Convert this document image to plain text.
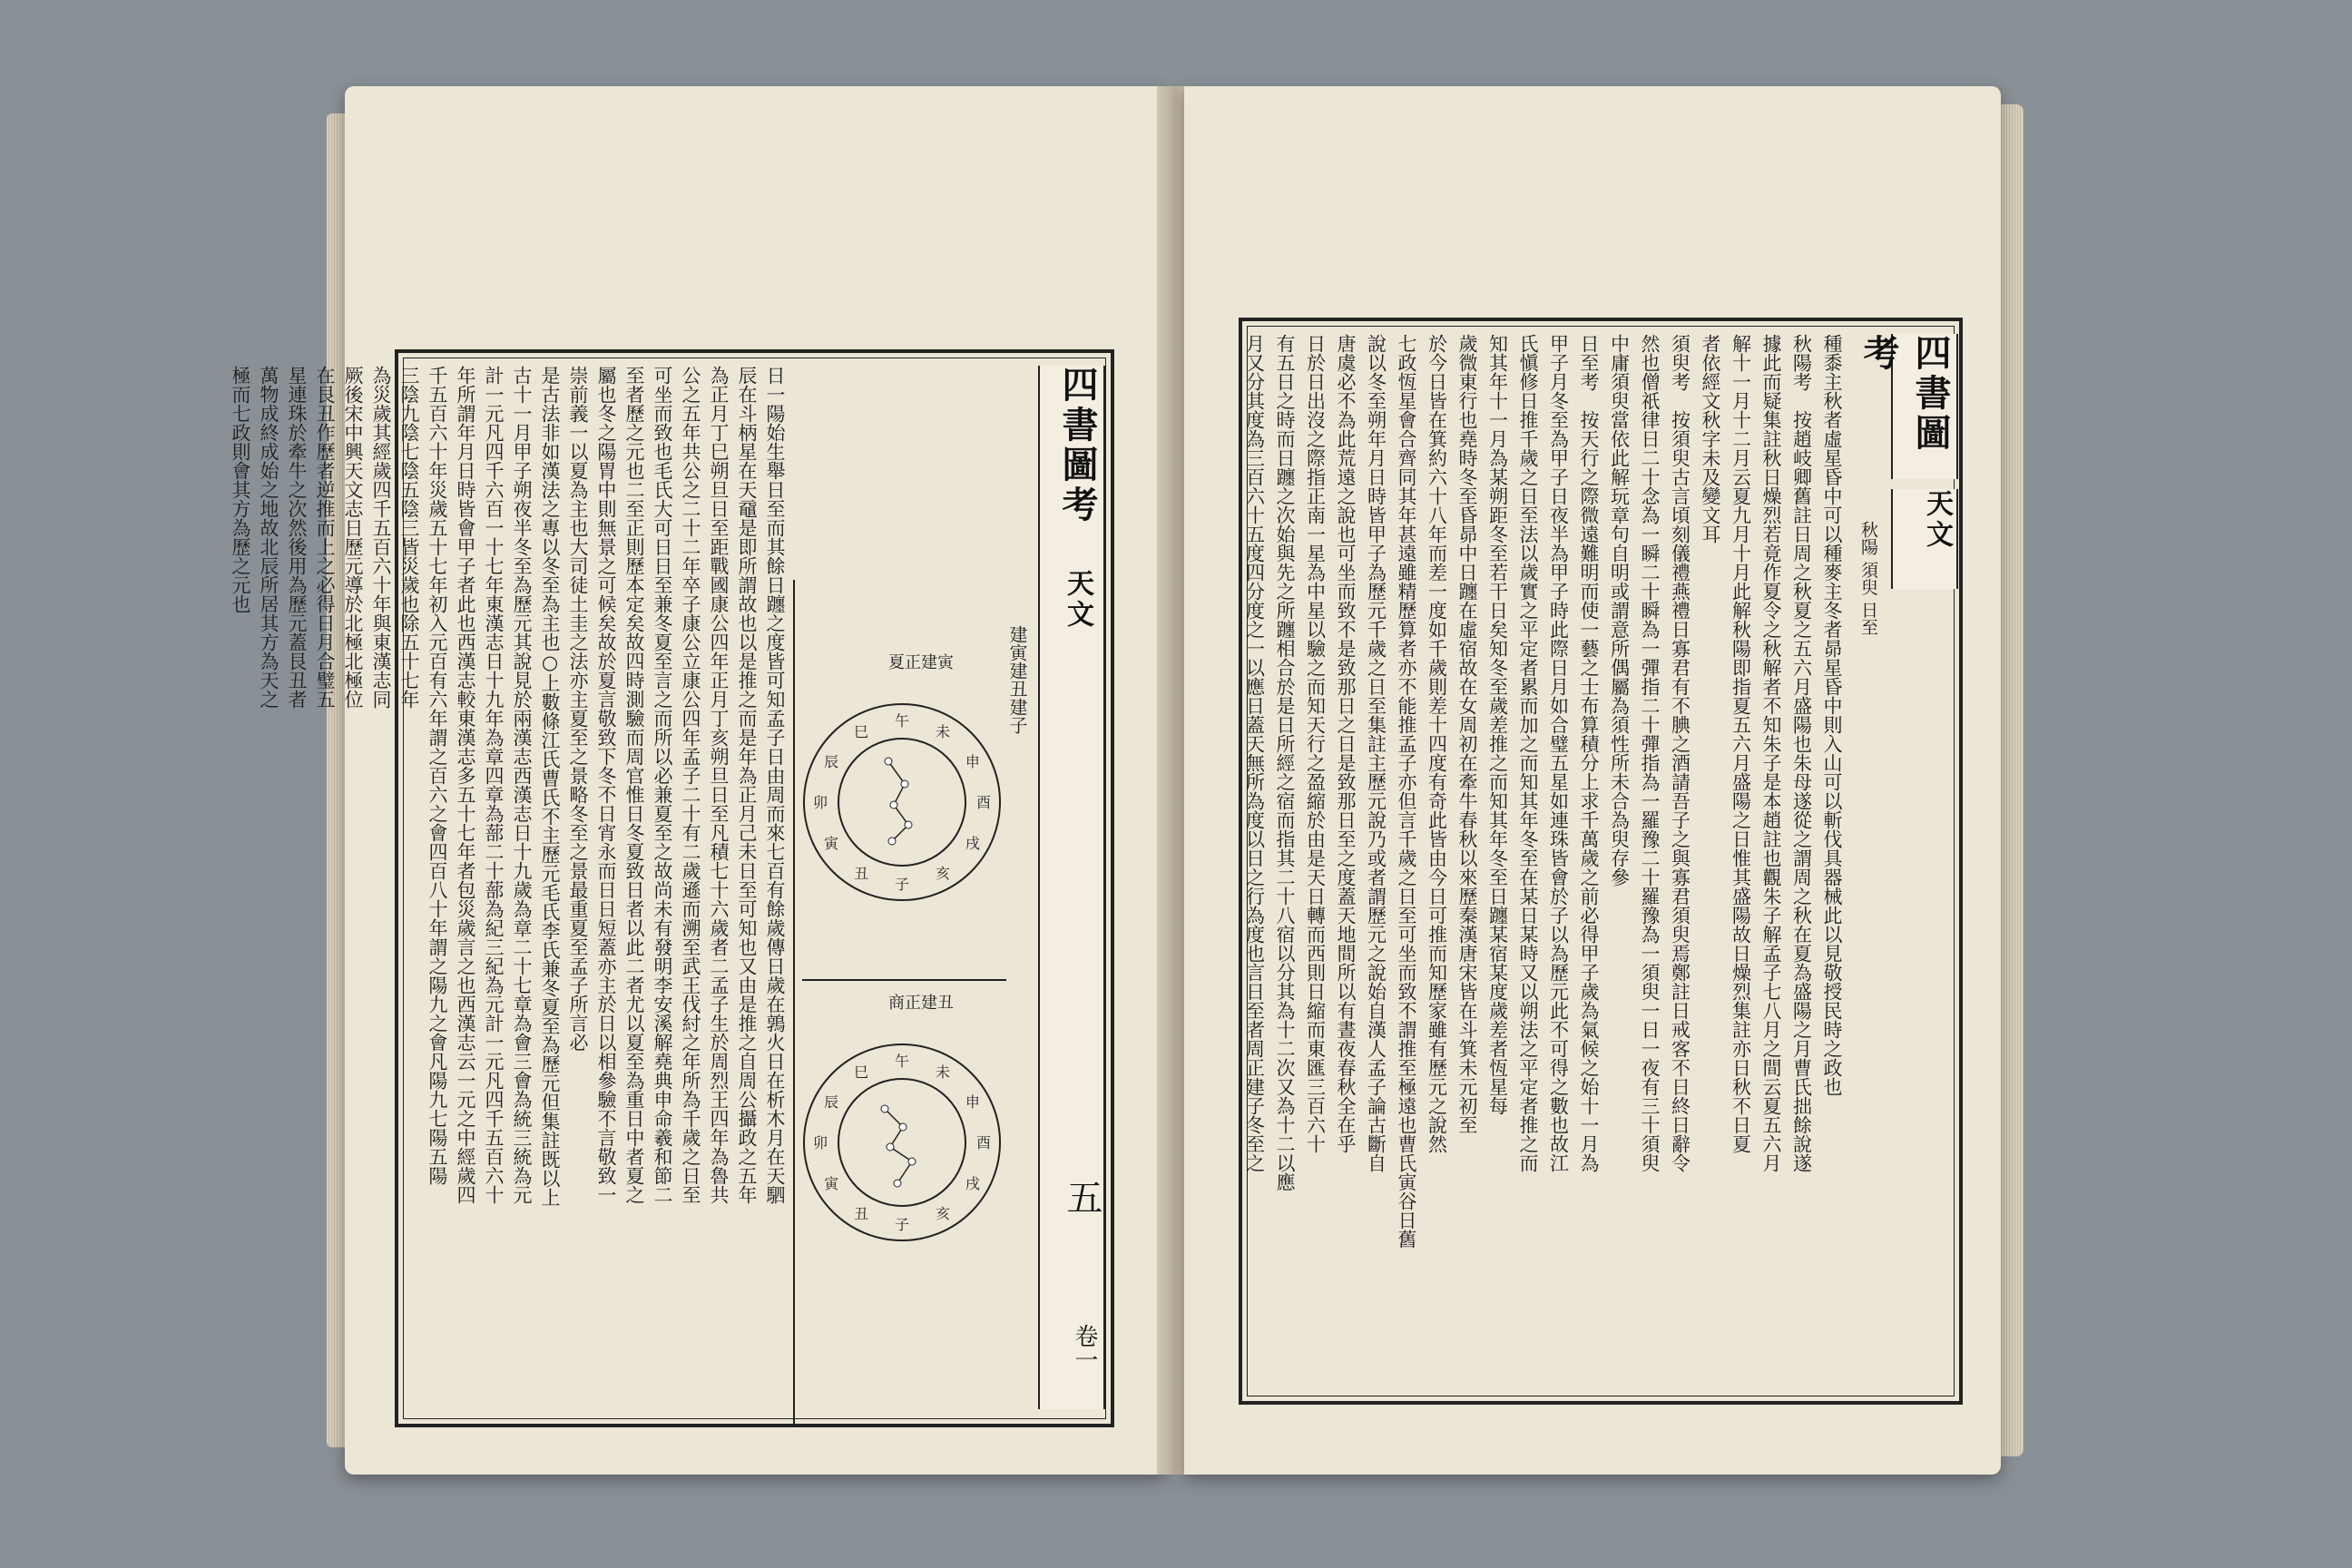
四書圖考 天文
建寅建丑建子
日一陽始生舉日至而其餘日躔之度皆可知孟子日由周而來七百有餘歲傳日歲在鶉火日在析木月在天駟
辰在斗柄星在天黿是即所謂故也以是推之而是年為正月己未日至可知也又由是推之自周公攝政之五年
為正月丁巳朔旦日至距戰國康公四年正月丁亥朔旦日至凡積七十六歲者二孟子生於周烈王四年為魯共
公之五年共公之二十二年卒子康公立康公四年孟子二十有二歲遜而溯至武王伐紂之年所為千歲之日至
可坐而致也毛氏大可日日至兼冬夏至言之而所以必兼夏至之故尚未有發明李安溪解堯典申命羲和節二
至者歷之元也二至正則歷本定矣故四時測驗而周官惟日冬夏致日者以此二者尤以夏至為重日中者夏之
屬也冬之陽胃中則無景之可候矣故於夏言敬致下冬不日宵永而日日短蓋亦主於日以相參驗不言敬致一
崇前義一以夏為主也大司徒土圭之法亦主夏至之景略冬至之景最重夏至孟子所言必
是古法非如漢法之專以冬至為主也○上數條江氏曹氏不主歷元毛氏李氏兼冬夏至為歷元但集註既以上
古十一月甲子朔夜半冬至為歷元其說見於兩漢志西漢志日十九歲為章二十七章為會三會為統三統為元
計一元凡四千六百一十七年東漢志日十九年為章四章為蔀二十蔀為紀三紀為元計一元凡四千五百六十
年所謂年月日時皆會甲子者此也西漢志較東漢志多五十七年者包災歲言之也西漢志云一元之中經歲四
千五百六十年災歲五十七年初入元百有六年謂之百六之會四百八十年謂之陽九之會凡陽九七陽五陽
三陰九陰七陰五陰三皆災歲也除五十七年
為災歲其經歲四千五百六十年與東漢志同
厥後宋中興天文志日歷元導於北極北極位
在艮丑作歷者逆推而上之必得日月合璧五
星連珠於牽牛之次然後用為歷元蓋艮丑者
萬物成終成始之地故北辰所居其方為天之
極而七政則會其方為歷之元也
夏正建寅
午
未
申
酉
戌
亥
子
丑
寅
卯
辰
巳
商正建丑
午
未
申
酉
戌
亥
子
丑
寅
卯
辰
巳
五
卷一
四書圖考
天文
秋陽 須臾 日至
種黍主秋者虛星昏中可以種麥主冬者昴星昏中則入山可以斬伐具器械此以見敬授民時之政也
秋陽考　按趙岐卿舊註日周之秋夏之五六月盛陽也朱母遂從之謂周之秋在夏為盛陽之月曹氏拙餘說遂
據此而疑集註秋日燥烈若竟作夏令之秋解者不知朱子是本趙註也觀朱子解孟子七八月之間云夏五六月
解十一月十二月云夏九月十月此解秋陽即指夏五六月盛陽之日惟其盛陽故日燥烈集註亦日秋不日夏
者依經文秋字未及變文耳
須臾考　按須臾古言頃刻儀禮燕禮日寡君有不腆之酒請吾子之與寡君須臾焉鄭註日戒客不日終日辭令
然也僧祇律日二十念為一瞬二十瞬為一彈指二十彈指為一羅豫二十羅豫為一須臾一日一夜有三十須臾
中庸須臾當依此解玩章句自明或謂意所偶屬為須性所未合為臾存參
日至考　按天行之際微遠難明而使一藝之士布算積分上求千萬歲之前必得甲子歲為氣候之始十一月為
甲子月冬至為甲子日夜半為甲子時此際日月如合璧五星如連珠皆會於子以為歷元此不可得之數也故江
氏愼修日推千歲之日至法以歲實之平定者累而加之而知其年冬至在某日某時又以朔法之平定者推之而
知其年十一月為某朔距冬至若干日矣知冬至歲差推之而知其年冬至日躔某宿某度歲差者恆星每
歲微東行也堯時冬至昏昴中日躔在虛宿故在女周初在牽牛春秋以來歷秦漢唐宋皆在斗箕未元初至
於今日皆在箕約六十八年而差一度如千歲則差十四度有奇此皆由今日可推而知歷家雖有歷元之說然
七政恆星會合齊同其年甚遠雖精歷算者亦不能推孟子亦但言千歲之日至可坐而致不謂推至極遠也曹氏寅谷日舊
說以冬至朔年月日時皆甲子為歷元千歲之日至集註主歷元說乃或者謂歷元之說始自漢人孟子論古斷自
唐虞必不為此荒遠之說也可坐而致不是致那日之日是致那日至之度蓋天地間所以有晝夜春秋全在乎
日於日出沒之際指正南一星為中星以驗之而知天行之盈縮於由是天日轉而西則日縮而東匯三百六十
有五日之時而日躔之次始與先之所躔相合於是日所經之宿而指其二十八宿以分其為十二次又為十二以應
月又分其度為三百六十五度四分度之一以應日蓋天無所為度以日之行為度也言日至者周正建子冬至之
